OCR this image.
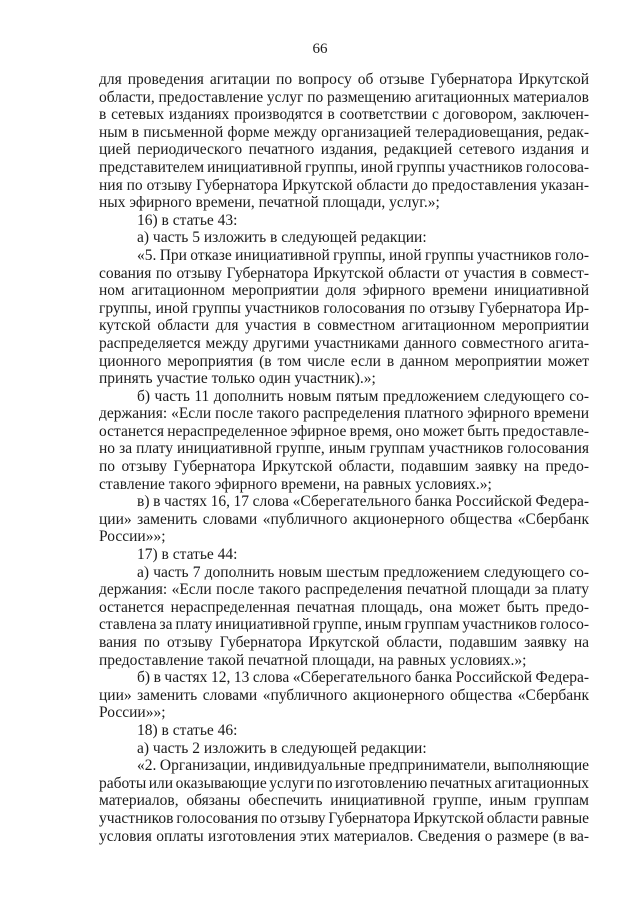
66
для проведения агитации по вопросу об отзыве Губернатора Иркутской
области, предоставление услуг по размещению агитационных материалов
в сетевых изданиях производятся в соответствии с договором, заключен-
ным в письменной форме между организацией телерадиовещания, редак-
цией периодического печатного издания, редакцией сетевого издания и
представителем инициативной группы, иной группы участников голосова-
ния по отзыву Губернатора Иркутской области до предоставления указан-
ных эфирного времени, печатной площади, услуг.»;
16) в статье 43:
а) часть 5 изложить в следующей редакции:
«5. При отказе инициативной группы, иной группы участников голо-
сования по отзыву Губернатора Иркутской области от участия в совмест-
ном агитационном мероприятии доля эфирного времени инициативной
группы, иной группы участников голосования по отзыву Губернатора Ир-
кутской области для участия в совместном агитационном мероприятии
распределяется между другими участниками данного совместного агита-
ционного мероприятия (в том числе если в данном мероприятии может
принять участие только один участник).»;
б) часть 11 дополнить новым пятым предложением следующего со-
держания: «Если после такого распределения платного эфирного времени
останется нераспределенное эфирное время, оно может быть предоставле-
но за плату инициативной группе, иным группам участников голосования
по отзыву Губернатора Иркутской области, подавшим заявку на предо-
ставление такого эфирного времени, на равных условиях.»;
в) в частях 16, 17 слова «Сберегательного банка Российской Федера-
ции» заменить словами «публичного акционерного общества «Сбербанк
России»»;
17) в статье 44:
а) часть 7 дополнить новым шестым предложением следующего со-
держания: «Если после такого распределения печатной площади за плату
останется нераспределенная печатная площадь, она может быть предо-
ставлена за плату инициативной группе, иным группам участников голосо-
вания по отзыву Губернатора Иркутской области, подавшим заявку на
предоставление такой печатной площади, на равных условиях.»;
б) в частях 12, 13 слова «Сберегательного банка Российской Федера-
ции» заменить словами «публичного акционерного общества «Сбербанк
России»»;
18) в статье 46:
а) часть 2 изложить в следующей редакции:
«2. Организации, индивидуальные предприниматели, выполняющие
работы или оказывающие услуги по изготовлению печатных агитационных
материалов, обязаны обеспечить инициативной группе, иным группам
участников голосования по отзыву Губернатора Иркутской области равные
условия оплаты изготовления этих материалов. Сведения о размере (в ва-
